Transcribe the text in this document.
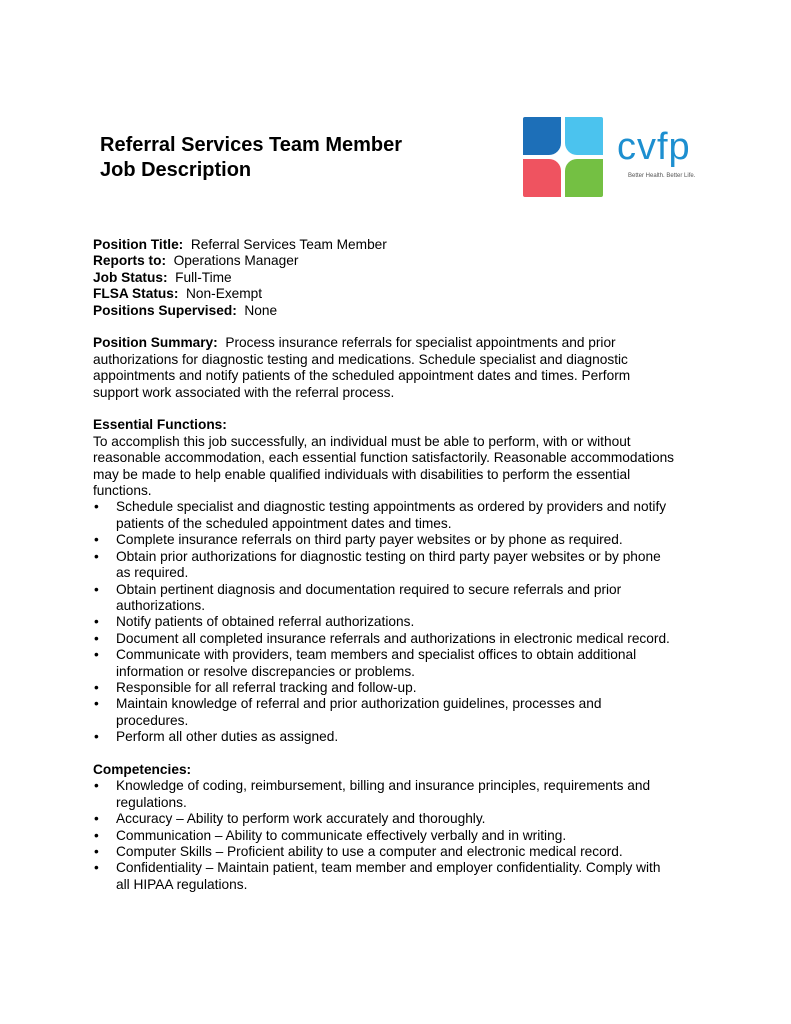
Referral Services Team Member
Job Description
cvfp
Better Health. Better Life.
Position Title: Referral Services Team Member
Reports to: Operations Manager
Job Status: Full-Time
FLSA Status: Non-Exempt
Positions Supervised: None
Position Summary: Process insurance referrals for specialist appointments and prior
authorizations for diagnostic testing and medications. Schedule specialist and diagnostic
appointments and notify patients of the scheduled appointment dates and times. Perform
support work associated with the referral process.
Essential Functions:
To accomplish this job successfully, an individual must be able to perform, with or without
reasonable accommodation, each essential function satisfactorily. Reasonable accommodations
may be made to help enable qualified individuals with disabilities to perform the essential
functions.
• Schedule specialist and diagnostic testing appointments as ordered by providers and notify
patients of the scheduled appointment dates and times.
• Complete insurance referrals on third party payer websites or by phone as required.
• Obtain prior authorizations for diagnostic testing on third party payer websites or by phone
as required.
• Obtain pertinent diagnosis and documentation required to secure referrals and prior
authorizations.
• Notify patients of obtained referral authorizations.
• Document all completed insurance referrals and authorizations in electronic medical record.
• Communicate with providers, team members and specialist offices to obtain additional
information or resolve discrepancies or problems.
• Responsible for all referral tracking and follow-up.
• Maintain knowledge of referral and prior authorization guidelines, processes and
procedures.
• Perform all other duties as assigned.
Competencies:
• Knowledge of coding, reimbursement, billing and insurance principles, requirements and
regulations.
• Accuracy – Ability to perform work accurately and thoroughly.
• Communication – Ability to communicate effectively verbally and in writing.
• Computer Skills – Proficient ability to use a computer and electronic medical record.
• Confidentiality – Maintain patient, team member and employer confidentiality. Comply with
all HIPAA regulations.
